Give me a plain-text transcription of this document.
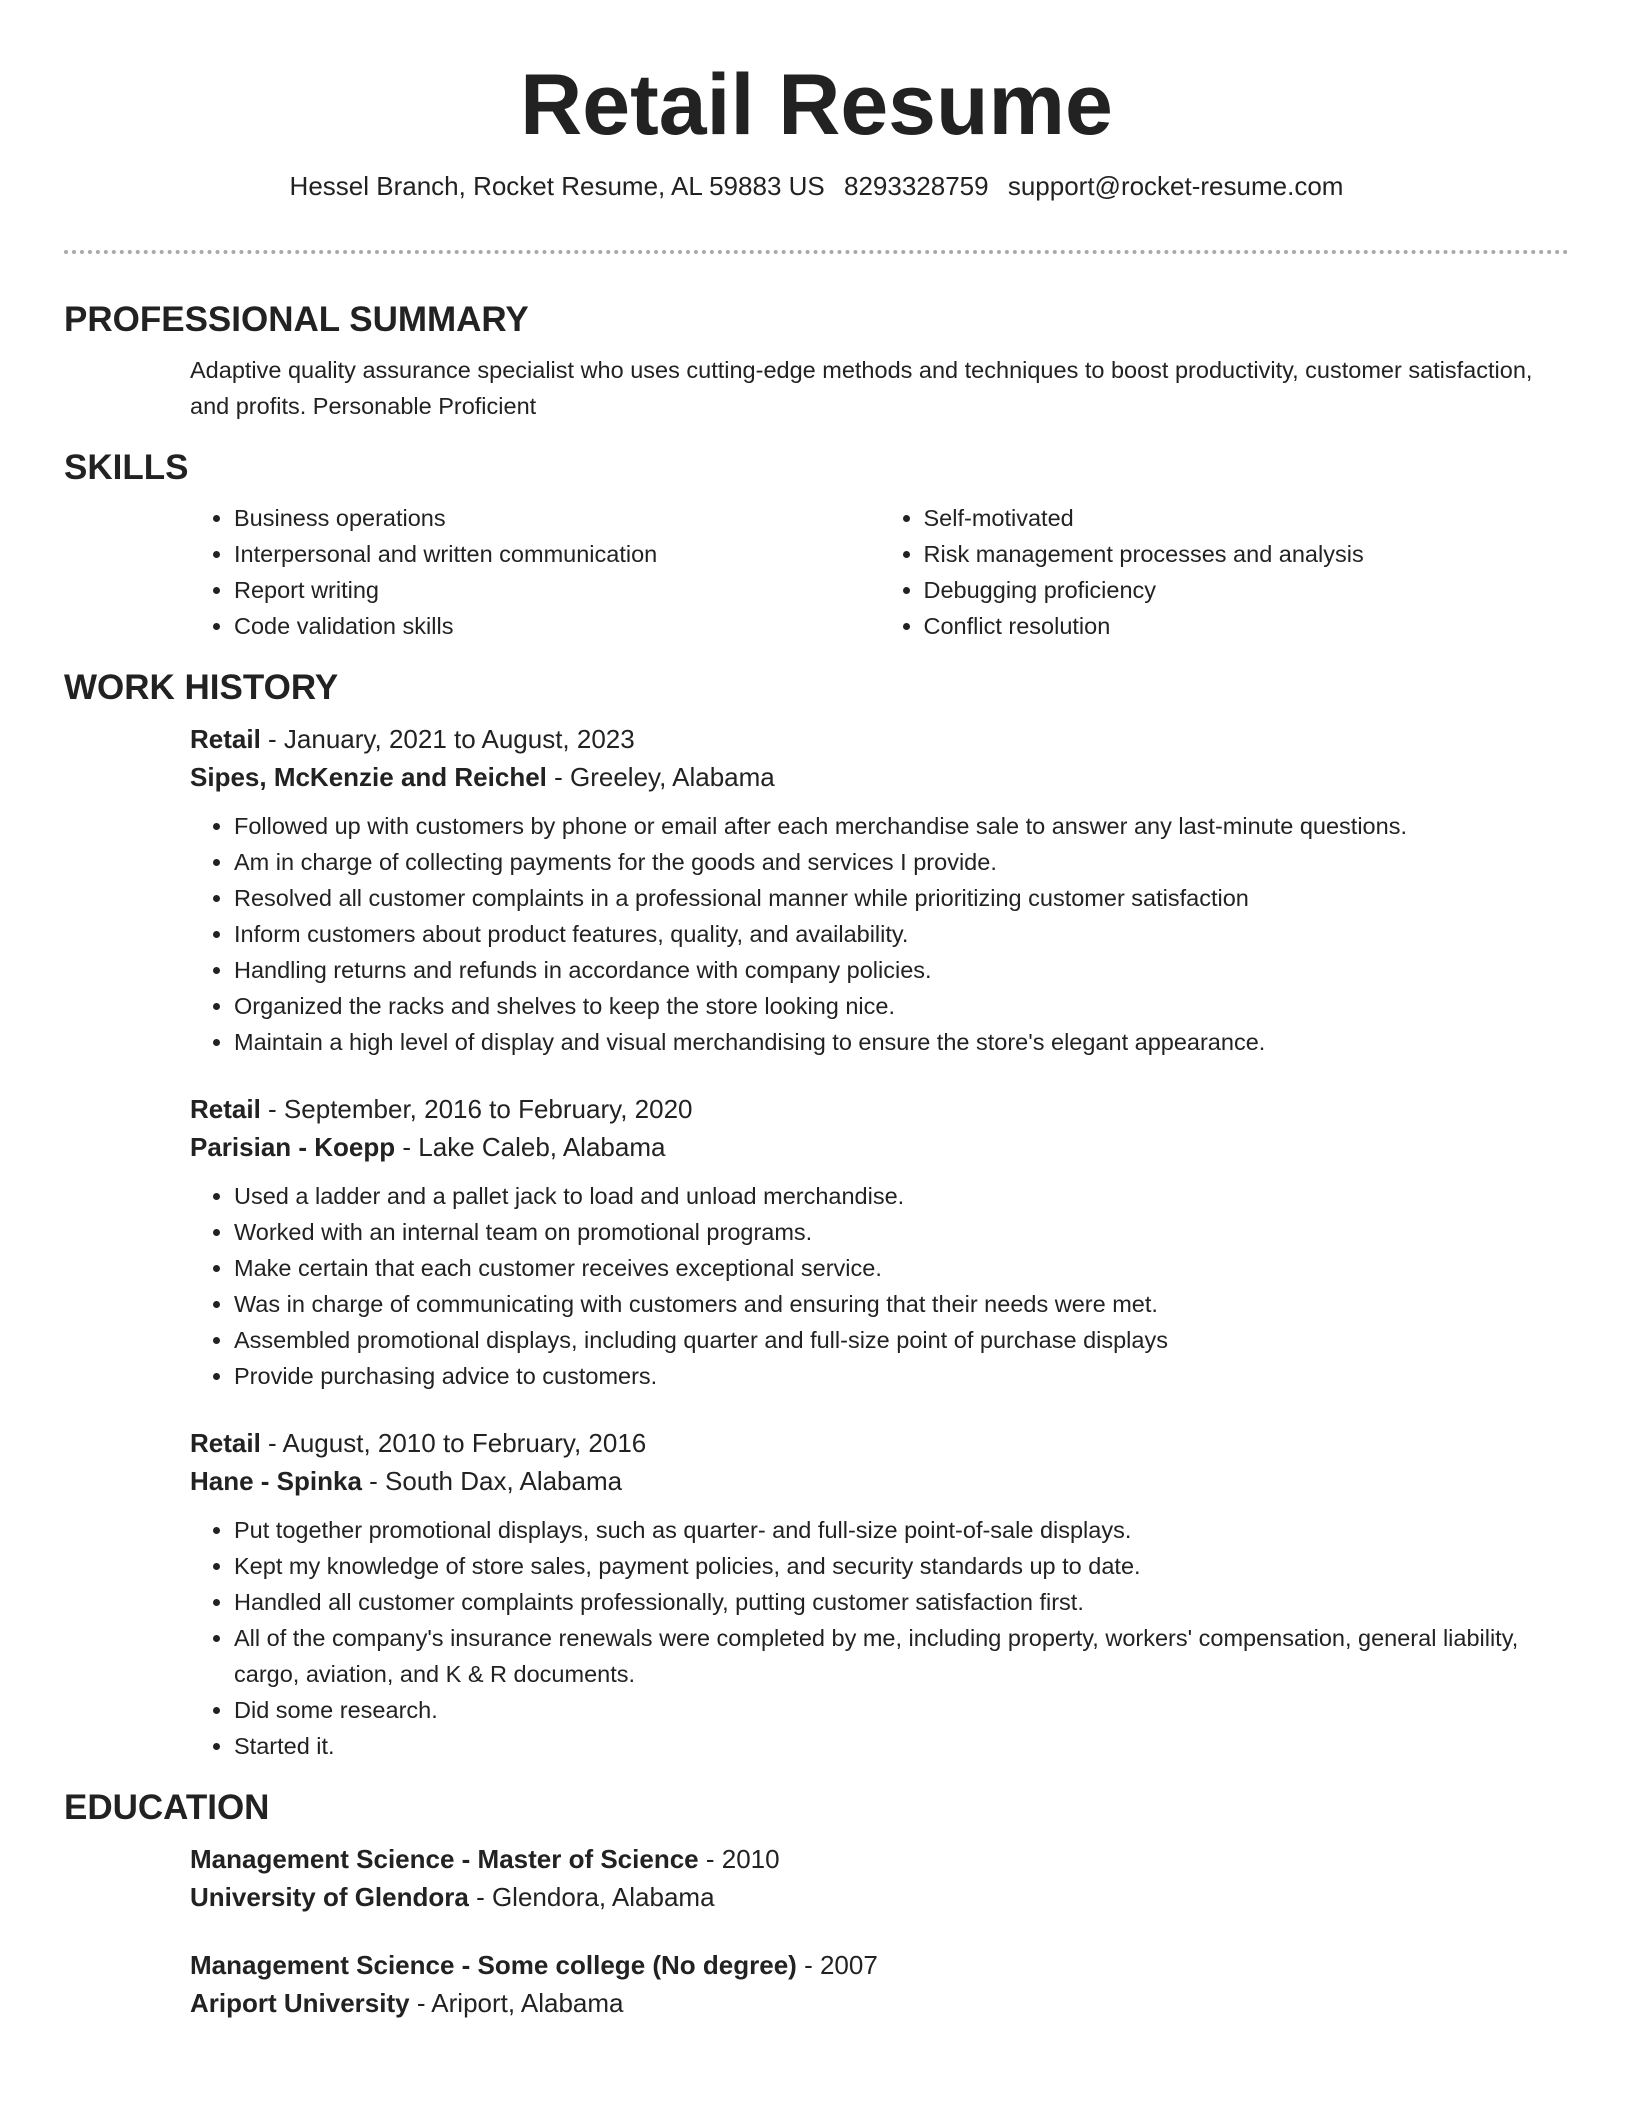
Retail Resume
Hessel Branch, Rocket Resume, AL 59883 US 8293328759 support@rocket-resume.com
PROFESSIONAL SUMMARY

Adaptive quality assurance specialist who uses cutting-edge methods and techniques to boost productivity, customer satisfaction, and profits. Personable Proficient

SKILLS
• Business operations
• Interpersonal and written communication
• Report writing
• Code validation skills
• Self-motivated
• Risk management processes and analysis
• Debugging proficiency
• Conflict resolution
WORK HISTORY

Retail - January, 2021 to August, 2023

Sipes, McKenzie and Reichel - Greeley, Alabama

• Followed up with customers by phone or email after each merchandise sale to answer any last-minute questions.
• Am in charge of collecting payments for the goods and services I provide.
• Resolved all customer complaints in a professional manner while prioritizing customer satisfaction
• Inform customers about product features, quality, and availability.
• Handling returns and refunds in accordance with company policies.
• Organized the racks and shelves to keep the store looking nice.
• Maintain a high level of display and visual merchandising to ensure the store's elegant appearance.

Retail - September, 2016 to February, 2020

Parisian - Koepp - Lake Caleb, Alabama

• Used a ladder and a pallet jack to load and unload merchandise.
• Worked with an internal team on promotional programs.
• Make certain that each customer receives exceptional service.
• Was in charge of communicating with customers and ensuring that their needs were met.
• Assembled promotional displays, including quarter and full-size point of purchase displays
• Provide purchasing advice to customers.

Retail - August, 2010 to February, 2016

Hane - Spinka - South Dax, Alabama

• Put together promotional displays, such as quarter- and full-size point-of-sale displays.
• Kept my knowledge of store sales, payment policies, and security standards up to date.
• Handled all customer complaints professionally, putting customer satisfaction first.
• All of the company's insurance renewals were completed by me, including property, workers' compensation, general liability, cargo, aviation, and K & R documents.
• Did some research.
• Started it.
EDUCATION

Management Science - Master of Science - 2010

University of Glendora - Glendora, Alabama

Management Science - Some college (No degree) - 2007

Ariport University - Ariport, Alabama
